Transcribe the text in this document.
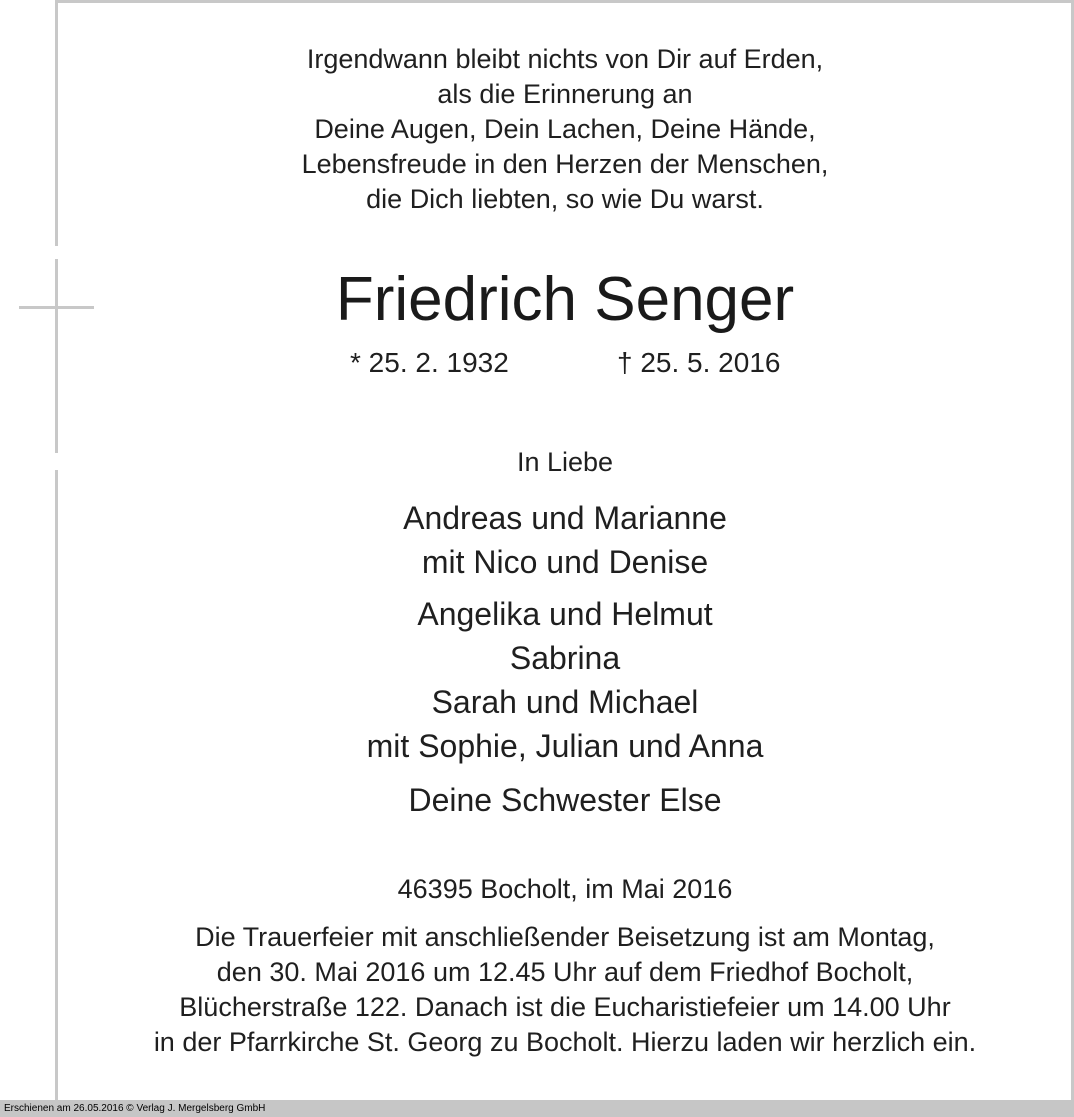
Irgendwann bleibt nichts von Dir auf Erden,
als die Erinnerung an
Deine Augen, Dein Lachen, Deine Hände,
Lebensfreude in den Herzen der Menschen,
die Dich liebten, so wie Du warst.
Friedrich Senger
* 25. 2. 1932	† 25. 5. 2016
In Liebe
Andreas und Marianne
mit Nico und Denise
Angelika und Helmut
Sabrina
Sarah und Michael
mit Sophie, Julian und Anna
Deine Schwester Else
46395 Bocholt, im Mai 2016
Die Trauerfeier mit anschließender Beisetzung ist am Montag,
den 30. Mai 2016 um 12.45 Uhr auf dem Friedhof Bocholt,
Blücherstraße 122. Danach ist die Eucharistiefeier um 14.00 Uhr
in der Pfarrkirche St. Georg zu Bocholt. Hierzu laden wir herzlich ein.
Erschienen am 26.05.2016 © Verlag J. Mergelsberg GmbH
